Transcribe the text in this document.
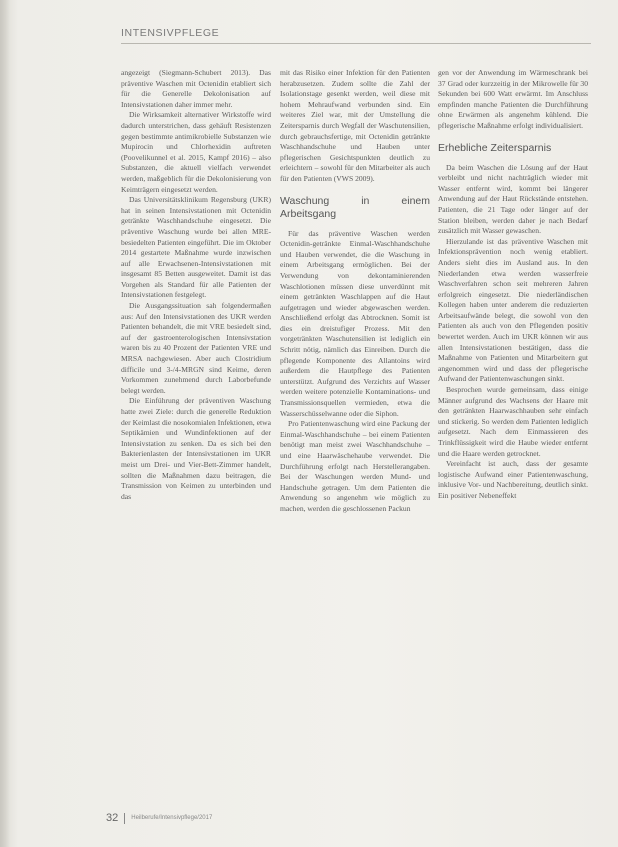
INTENSIVPFLEGE

angezeigt (Siegmann-Schubert 2013). Das präventive Waschen mit Octenidin etabliert sich für die Generelle Dekolonisation auf Intensivstationen daher immer mehr.

Die Wirksamkeit alternativer Wirkstoffe wird dadurch unterstrichen, dass gehäuft Resistenzen gegen bestimmte antimikrobielle Substanzen wie Mupirocin und Chlorhexidin auftreten (Poovelikunnel et al. 2015, Kampf 2016) – also Substanzen, die aktuell vielfach verwendet werden, maßgeblich für die Dekolonisierung von Keimträgern eingesetzt werden.

Das Universitätsklinikum Regensburg (UKR) hat in seinen Intensivstationen mit Octenidin getränkte Waschhandschuhe eingesetzt. Die präventive Waschung wurde bei allen MRE-besiedelten Patienten eingeführt. Die im Oktober 2014 gestartete Maßnahme wurde inzwischen auf alle Erwachsenen-Intensivstationen mit insgesamt 85 Betten ausgeweitet. Damit ist das Vorgehen als Standard für alle Patienten der Intensivstationen festgelegt.

Die Ausgangssituation sah folgendermaßen aus: Auf den Intensivstationen des UKR werden Patienten behandelt, die mit VRE besiedelt sind, auf der gastroenterologischen Intensivstation waren bis zu 40 Prozent der Patienten VRE und MRSA nachgewiesen. Aber auch Clostridium difficile und 3-/4-MRGN sind Keime, deren Vorkommen zunehmend durch Laborbefunde belegt werden.

Die Einführung der präventiven Waschung hatte zwei Ziele: durch die generelle Reduktion der Keimlast die nosokomialen Infektionen, etwa Septikämien und Wundinfektionen auf der Intensivstation zu senken. Da es sich bei den Bakterienlasten der Intensivstationen im UKR meist um Drei- und Vier-Bett-Zimmer handelt, sollten die Maßnahmen dazu beitragen, die Transmission von Keimen zu unterbinden und das

mit das Risiko einer Infektion für den Patienten herabzusetzen. Zudem sollte die Zahl der Isolationstage gesenkt werden, weil diese mit hohem Mehraufwand verbunden sind. Ein weiteres Ziel war, mit der Umstellung die Zeitersparnis durch Wegfall der Waschutensilien, durch gebrauchsfertige, mit Octenidin getränkte Waschhandschuhe und Hauben unter pflegerischen Gesichtspunkten deutlich zu erleichtern – sowohl für den Mitarbeiter als auch für den Patienten (VWS 2009).

Waschung in einem Arbeitsgang

Für das präventive Waschen werden Octenidin-getränkte Einmal-Waschhandschuhe und Hauben verwendet, die die Waschung in einem Arbeitsgang ermöglichen. Bei der Verwendung von dekontaminierenden Waschlotionen müssen diese unverdünnt mit einem getränkten Waschlappen auf die Haut aufgetragen und wieder abgewaschen werden. Anschließend erfolgt das Abtrocknen. Somit ist dies ein dreistufiger Prozess. Mit den vorgetränkten Waschutensilien ist lediglich ein Schritt nötig, nämlich das Einreiben. Durch die pflegende Komponente des Allantoins wird außerdem die Hautpflege des Patienten unterstützt. Aufgrund des Verzichts auf Wasser werden weitere potenzielle Kontaminations- und Transmissionsquellen vermieden, etwa die Wasserschüsselwanne oder die Siphon.

Pro Patientenwaschung wird eine Packung der Einmal-Waschhandschuhe – bei einem Patienten benötigt man meist zwei Waschhandschuhe – und eine Haarwäschehaube verwendet. Die Durchführung erfolgt nach Herstellerangaben. Bei der Waschungen werden Mund- und Handschuhe getragen. Um dem Patienten die Anwendung so angenehm wie möglich zu machen, werden die geschlossenen Packun

gen vor der Anwendung im Wärmeschrank bei 37 Grad oder kurzzeitig in der Mikrowelle für 30 Sekunden bei 600 Watt erwärmt. Im Anschluss empfinden manche Patienten die Durchführung ohne Erwärmen als angenehm kühlend. Die pflegerische Maßnahme erfolgt individualisiert.

Erhebliche Zeitersparnis

Da beim Waschen die Lösung auf der Haut verbleibt und nicht nachträglich wieder mit Wasser entfernt wird, kommt bei längerer Anwendung auf der Haut Rückstände entstehen. Patienten, die 21 Tage oder länger auf der Station bleiben, werden daher je nach Bedarf zusätzlich mit Wasser gewaschen.

Hierzulande ist das präventive Waschen mit Infektionsprävention noch wenig etabliert. Anders sieht dies im Ausland aus. In den Niederlanden etwa werden wasserfreie Waschverfahren schon seit mehreren Jahren erfolgreich eingesetzt. Die niederländischen Kollegen haben unter anderem die reduzierten Arbeitsaufwände belegt, die sowohl von den Patienten als auch von den Pflegenden positiv bewertet werden. Auch im UKR können wir aus allen Intensivstationen bestätigen, dass die Maßnahme von Patienten und Mitarbeitern gut angenommen wird und dass der pflegerische Aufwand der Patientenwaschungen sinkt.

Besprochen wurde gemeinsam, dass einige Männer aufgrund des Wachsens der Haare mit den getränkten Haarwaschhauben sehr einfach und stickerig. So werden dem Patienten lediglich aufgesetzt. Nach dem Einmassieren des Trinkflüssigkeit wird die Haube wieder entfernt und die Haare werden getrocknet.

Vereinfacht ist auch, dass der gesamte logistische Aufwand einer Patientenwaschung, inklusive Vor- und Nachbereitung, deutlich sinkt. Ein positiver Nebeneffekt

32 Heilberufe/Intensivpflege/2017
